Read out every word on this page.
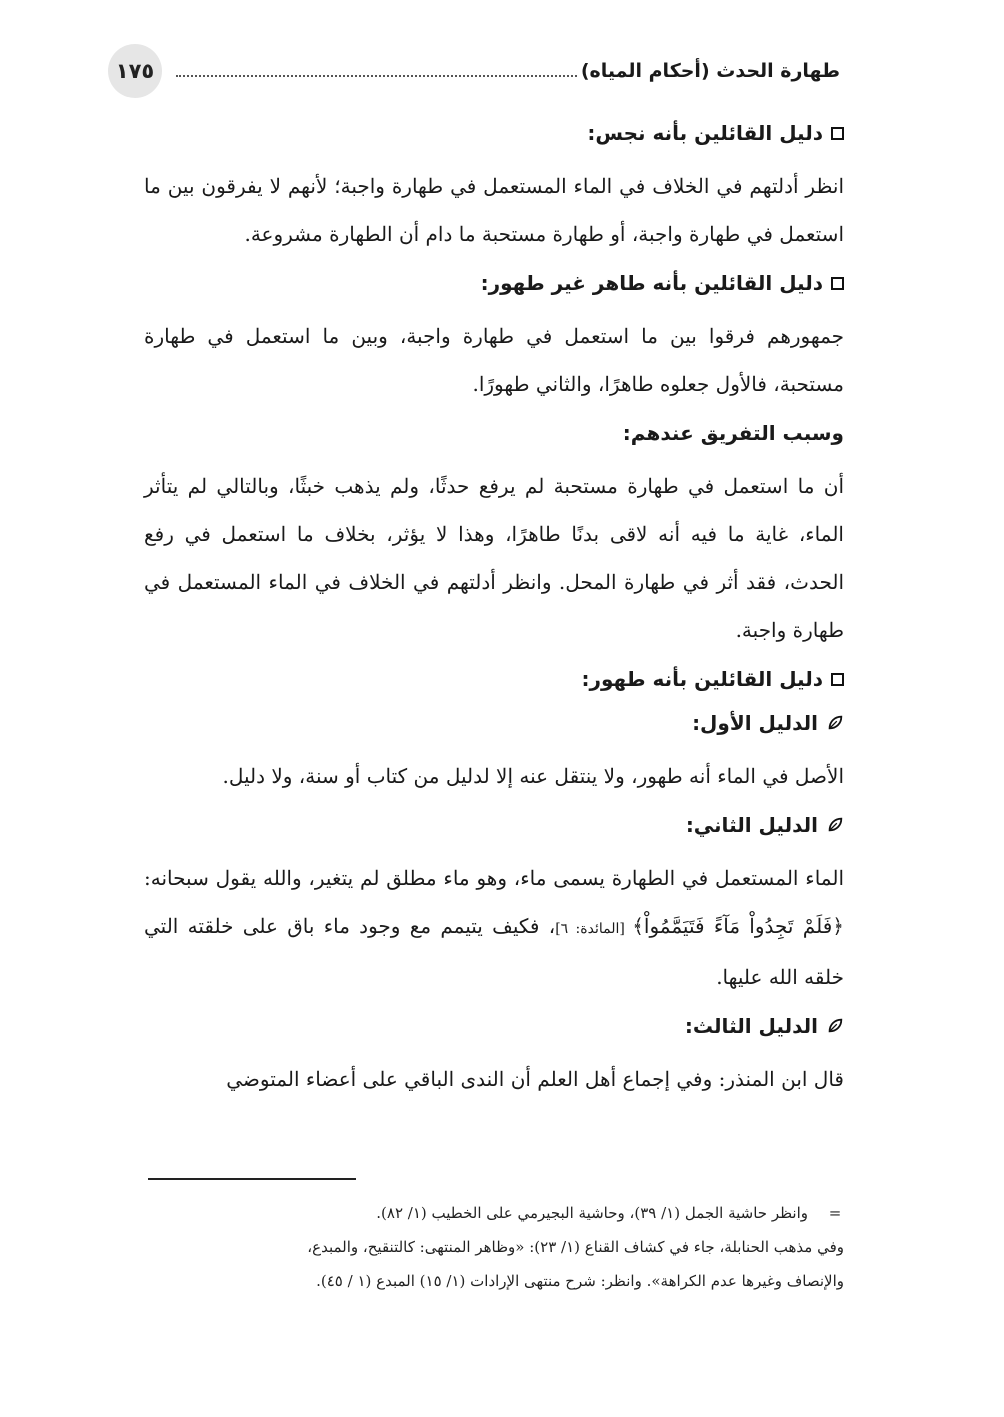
١٧٥	طهارة الحدث (أحكام المياه)
دليل القائلين بأنه نجس:

انظر أدلتهم في الخلاف في الماء المستعمل في طهارة واجبة؛ لأنهم لا يفرقون بين ما استعمل في طهارة واجبة، أو طهارة مستحبة ما دام أن الطهارة مشروعة.

دليل القائلين بأنه طاهر غير طهور:

جمهورهم فرقوا بين ما استعمل في طهارة واجبة، وبين ما استعمل في طهارة مستحبة، فالأول جعلوه طاهرًا، والثاني طهورًا.

وسبب التفريق عندهم:

أن ما استعمل في طهارة مستحبة لم يرفع حدثًا، ولم يذهب خبثًا، وبالتالي لم يتأثر الماء، غاية ما فيه أنه لاقى بدنًا طاهرًا، وهذا لا يؤثر، بخلاف ما استعمل في رفع الحدث، فقد أثر في طهارة المحل. وانظر أدلتهم في الخلاف في الماء المستعمل في طهارة واجبة.

دليل القائلين بأنه طهور:
الدليل الأول:

الأصل في الماء أنه طهور، ولا ينتقل عنه إلا لدليل من كتاب أو سنة، ولا دليل.

الدليل الثاني:

الماء المستعمل في الطهارة يسمى ماء، وهو ماء مطلق لم يتغير، والله يقول سبحانه: ﴿فَلَمْ تَجِدُواْ مَآءً فَتَيَمَّمُواْ﴾ [المائدة: ٦]، فكيف يتيمم مع وجود ماء باق على خلقته التي خلقه الله عليها.

الدليل الثالث:

قال ابن المنذر: وفي إجماع أهل العلم أن الندى الباقي على أعضاء المتوضي

=
وانظر حاشية الجمل (١/ ٣٩)، وحاشية البجيرمي على الخطيب (١/ ٨٢).
وفي مذهب الحنابلة، جاء في كشاف القناع (١/ ٢٣): «وظاهر المنتهى: كالتنقيح، والمبدع،
والإنصاف وغيرها عدم الكراهة». وانظر: شرح منتهى الإرادات (١/ ١٥) المبدع (١ / ٤٥).
